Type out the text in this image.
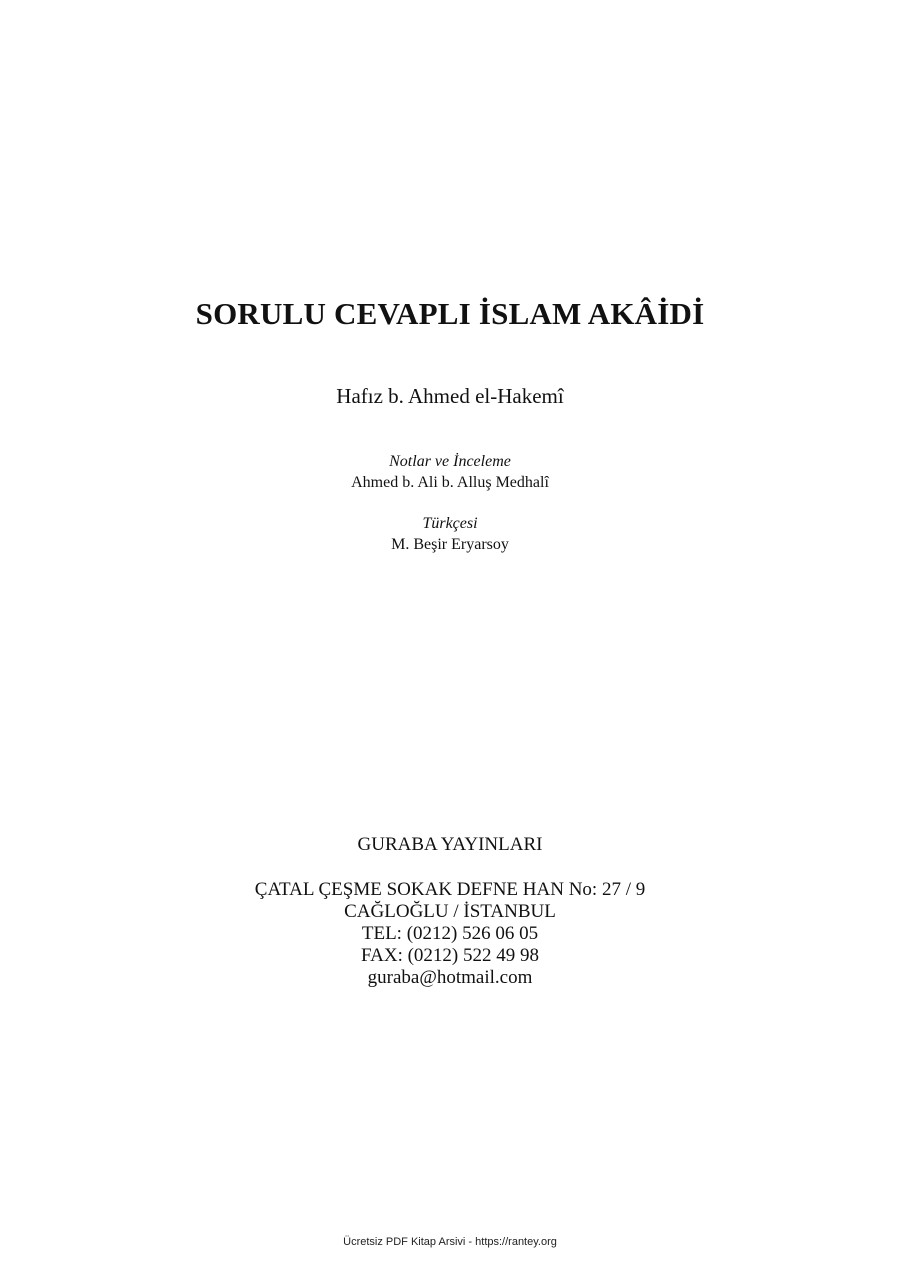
SORULU CEVAPLI İSLAM AKÂİDİ
Hafız b. Ahmed el-Hakemî
Notlar ve İnceleme
Ahmed b. Ali b. Alluş Medhalî
Türkçesi
M. Beşir Eryarsoy
GURABA YAYINLARI
ÇATAL ÇEŞME SOKAK DEFNE HAN No: 27 / 9
CAĞLOĞLU / İSTANBUL
TEL: (0212) 526 06 05
FAX: (0212) 522 49 98
guraba@hotmail.com
Ücretsiz PDF Kitap Arsivi - https://rantey.org
